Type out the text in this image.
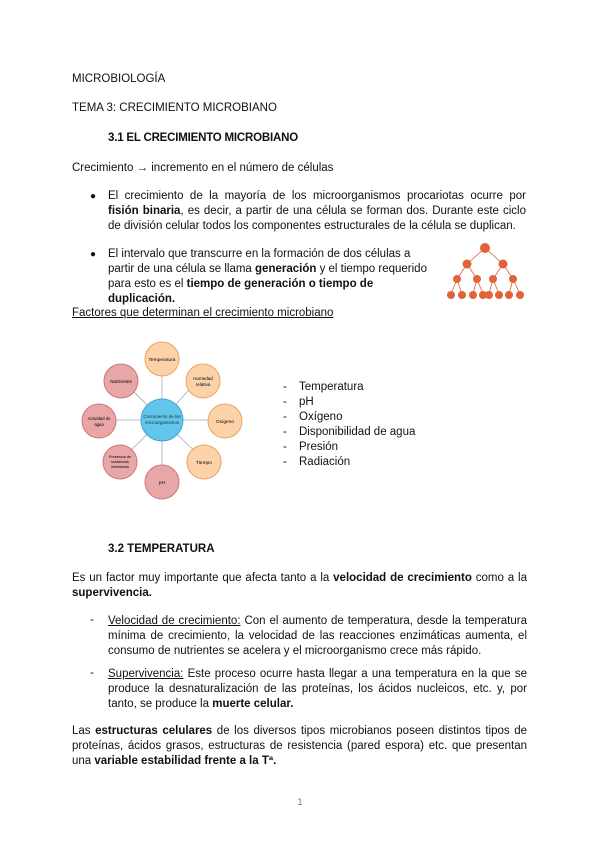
MICROBIOLOGÍA
TEMA 3: CRECIMIENTO MICROBIANO
3.1 EL CRECIMIENTO MICROBIANO
Crecimiento → incremento en el número de células
● El crecimiento de la mayoría de los microorganismos procariotas ocurre por fisión binaria, es decir, a partir de una célula se forman dos. Durante este ciclo de división celular todos los componentes estructurales de la célula se duplican.
● El intervalo que transcurre en la formación de dos células a partir de una célula se llama generación y el tiempo requerido para esto es el tiempo de generación o tiempo de duplicación.
Factores que determinan el crecimiento microbiano
Crecimiento de los
microorganismos
Temperatura
Humedad
relativa
Oxígeno
Tiempo
pH
Presencia de
sustancias
inhibitorias
Actividad de
agua
Nutrientes	- Temperatura
- pH
- Oxígeno
- Disponibilidad de agua
- Presión
- Radiación
3.2 TEMPERATURA
Es un factor muy importante que afecta tanto a la velocidad de crecimiento como a la supervivencia.
- Velocidad de crecimiento: Con el aumento de temperatura, desde la temperatura mínima de crecimiento, la velocidad de las reacciones enzimáticas aumenta, el consumo de nutrientes se acelera y el microorganismo crece más rápido.
- Supervivencia: Este proceso ocurre hasta llegar a una temperatura en la que se produce la desnaturalización de las proteínas, los ácidos nucleicos, etc. y, por tanto, se produce la muerte celular.
Las estructuras celulares de los diversos tipos microbianos poseen distintos tipos de proteínas, ácidos grasos, estructuras de resistencia (pared espora) etc. que presentan una variable estabilidad frente a la Tª.
1
